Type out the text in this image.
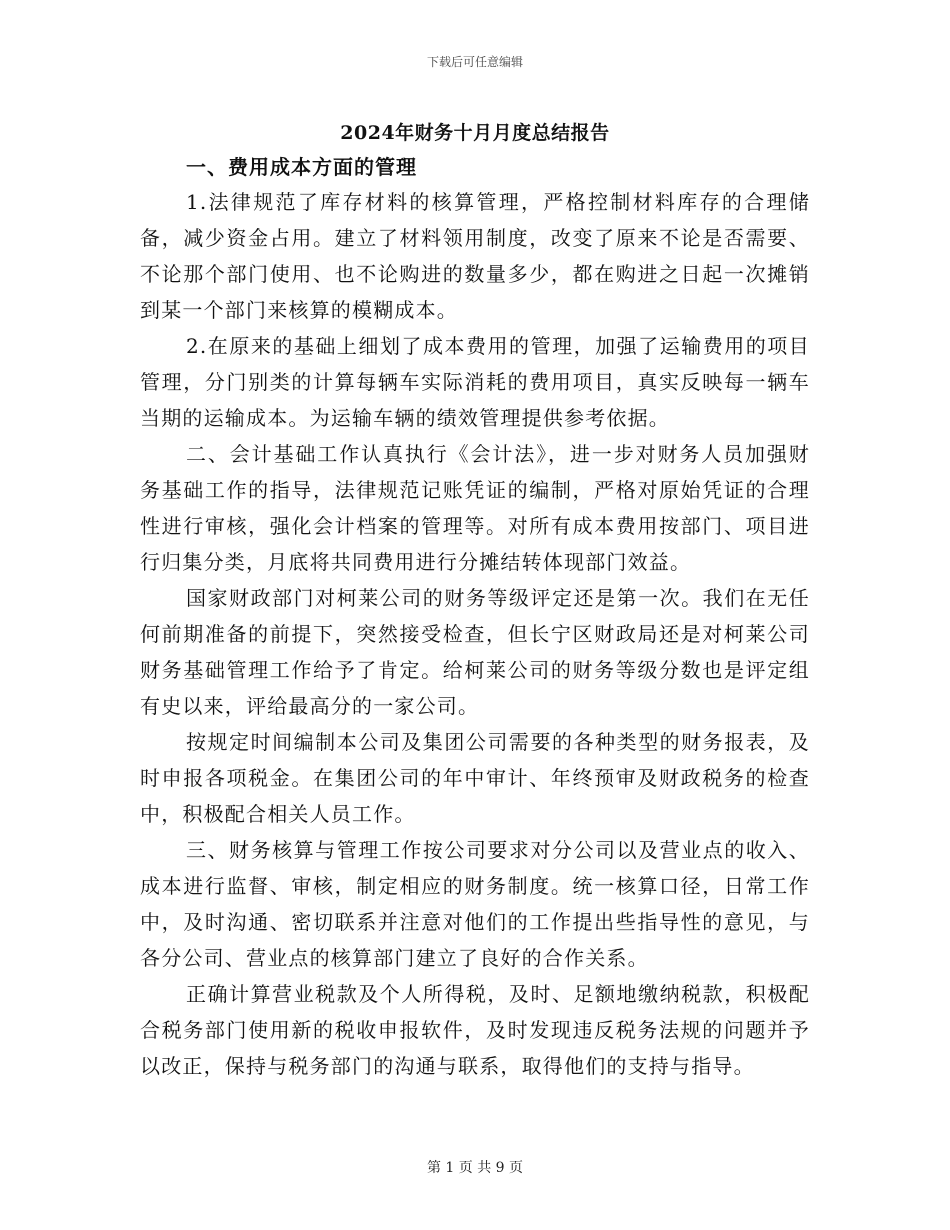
下载后可任意编辑
2024年财务十月月度总结报告
一、费用成本方面的管理

1.法律规范了库存材料的核算管理，严格控制材料库存的合理储备，减少资金占用。建立了材料领用制度，改变了原来不论是否需要、不论那个部门使用、也不论购进的数量多少，都在购进之日起一次摊销到某一个部门来核算的模糊成本。

2.在原来的基础上细划了成本费用的管理，加强了运输费用的项目管理，分门别类的计算每辆车实际消耗的费用项目，真实反映每一辆车当期的运输成本。为运输车辆的绩效管理提供参考依据。

二、会计基础工作认真执行《会计法》，进一步对财务人员加强财务基础工作的指导，法律规范记账凭证的编制，严格对原始凭证的合理性进行审核，强化会计档案的管理等。对所有成本费用按部门、项目进行归集分类，月底将共同费用进行分摊结转体现部门效益。

国家财政部门对柯莱公司的财务等级评定还是第一次。我们在无任何前期准备的前提下，突然接受检查，但长宁区财政局还是对柯莱公司财务基础管理工作给予了肯定。给柯莱公司的财务等级分数也是评定组有史以来，评给最高分的一家公司。

按规定时间编制本公司及集团公司需要的各种类型的财务报表，及时申报各项税金。在集团公司的年中审计、年终预审及财政税务的检查中，积极配合相关人员工作。

三、财务核算与管理工作按公司要求对分公司以及营业点的收入、成本进行监督、审核，制定相应的财务制度。统一核算口径，日常工作中，及时沟通、密切联系并注意对他们的工作提出些指导性的意见，与各分公司、营业点的核算部门建立了良好的合作关系。

正确计算营业税款及个人所得税，及时、足额地缴纳税款，积极配合税务部门使用新的税收申报软件，及时发现违反税务法规的问题并予以改正，保持与税务部门的沟通与联系，取得他们的支持与指导。

第 1 页 共 9 页
